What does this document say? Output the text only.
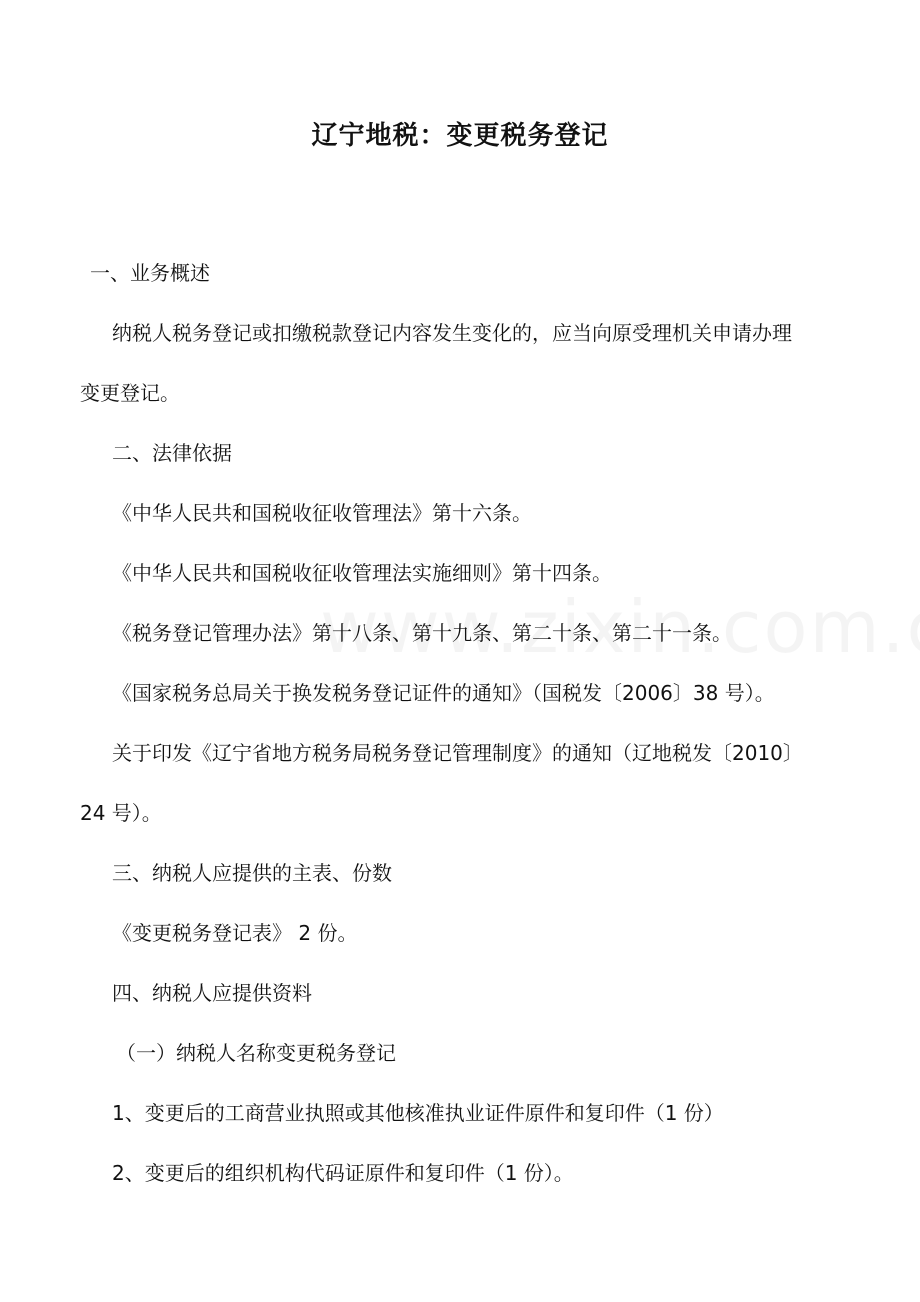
辽宁地税：变更税务登记
一、业务概述
纳税人税务登记或扣缴税款登记内容发生变化的，应当向原受理机关申请办理
变更登记。
二、法律依据
《中华人民共和国税收征收管理法》第十六条。
《中华人民共和国税收征收管理法实施细则》第十四条。
《税务登记管理办法》第十八条、第十九条、第二十条、第二十一条。
《国家税务总局关于换发税务登记证件的通知》（国税发〔2006〕38 号）。
关于印发《辽宁省地方税务局税务登记管理制度》的通知（辽地税发〔2010〕
24 号）。
三、纳税人应提供的主表、份数
《变更税务登记表》 2 份。
四、纳税人应提供资料
（一）纳税人名称变更税务登记
1、变更后的工商营业执照或其他核准执业证件原件和复印件（1 份）
2、变更后的组织机构代码证原件和复印件（1 份）。
